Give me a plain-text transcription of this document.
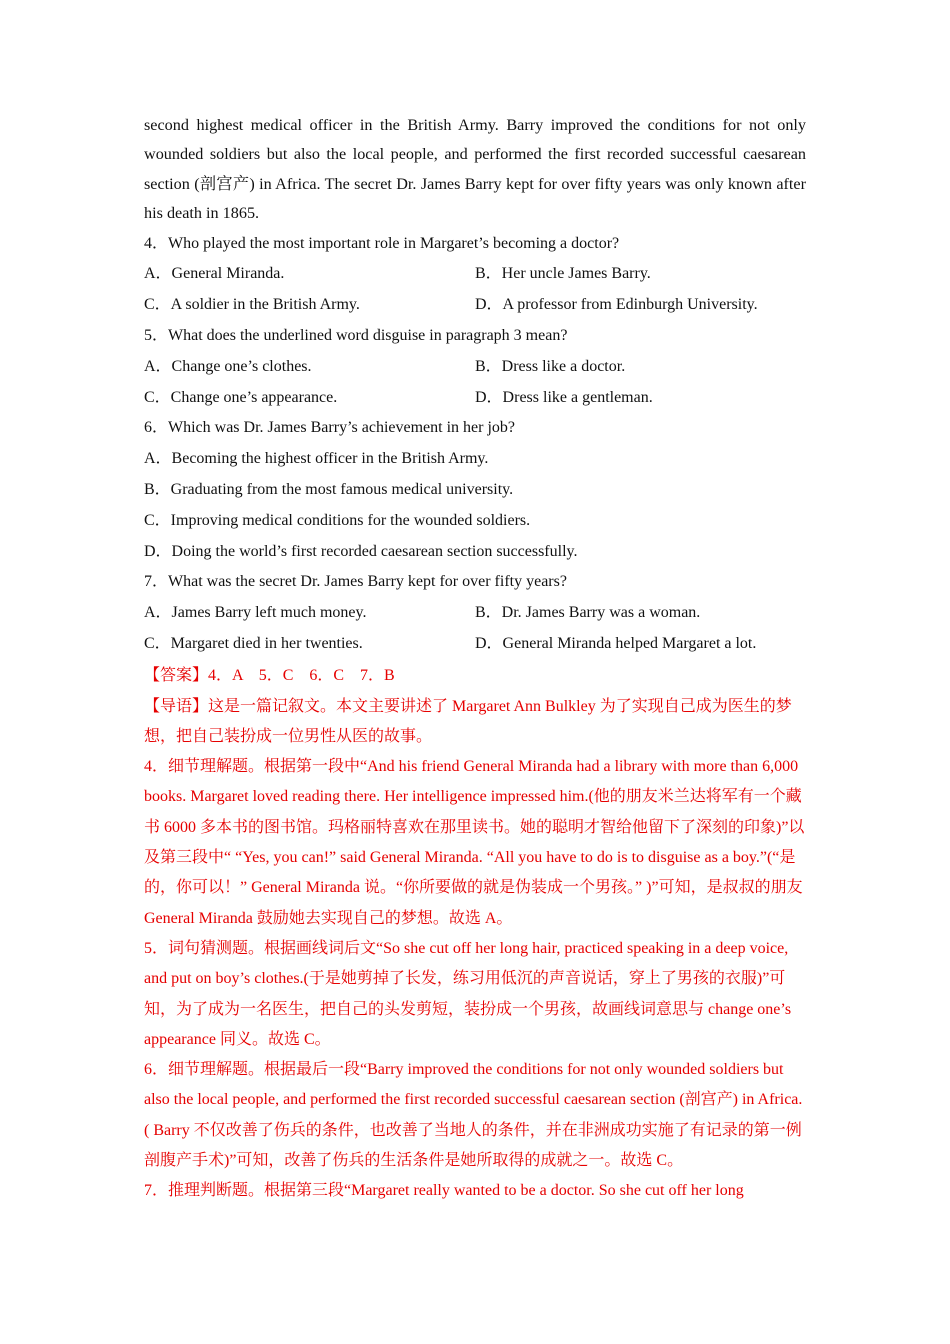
second highest medical officer in the British Army. Barry improved the conditions for not only wounded soldiers but also the local people, and performed the first recorded successful caesarean section (剖宫产) in Africa. The secret Dr. James Barry kept for over fifty years was only known after his death in 1865.

4．Who played the most important role in Margaret’s becoming a doctor?
A．General Miranda.	B．Her uncle James Barry.
C．A soldier in the British Army.	D．A professor from Edinburgh University.
5．What does the underlined word disguise in paragraph 3 mean?
A．Change one’s clothes.	B．Dress like a doctor.
C．Change one’s appearance.	D．Dress like a gentleman.
6．Which was Dr. James Barry’s achievement in her job?
A．Becoming the highest officer in the British Army.
B．Graduating from the most famous medical university.
C．Improving medical conditions for the wounded soldiers.
D．Doing the world’s first recorded caesarean section successfully.
7．What was the secret Dr. James Barry kept for over fifty years?
A．James Barry left much money.	B．Dr. James Barry was a woman.
C．Margaret died in her twenties.	D．General Miranda helped Margaret a lot.
【答案】4．A　5．C　6．C　7．B

【导语】这是一篇记叙文。本文主要讲述了 Margaret Ann Bulkley 为了实现自己成为医生的梦想，把自己装扮成一位男性从医的故事。

4．细节理解题。根据第一段中“And his friend General Miranda had a library with more than 6,000 books. Margaret loved reading there. Her intelligence impressed him.(他的朋友米兰达将军有一个藏书 6000 多本书的图书馆。玛格丽特喜欢在那里读书。她的聪明才智给他留下了深刻的印象)”以及第三段中“ “Yes, you can!” said General Miranda. “All you have to do is to disguise as a boy.”(“是的，你可以！” General Miranda 说。“你所要做的就是伪装成一个男孩。” )”可知，是叔叔的朋友 General Miranda 鼓励她去实现自己的梦想。故选 A。

5．词句猜测题。根据画线词后文“So she cut off her long hair, practiced speaking in a deep voice, and put on boy’s clothes.(于是她剪掉了长发，练习用低沉的声音说话，穿上了男孩的衣服)”可知，为了成为一名医生，把自己的头发剪短，装扮成一个男孩，故画线词意思与 change one’s appearance 同义。故选 C。

6．细节理解题。根据最后一段“Barry improved the conditions for not only wounded soldiers but also the local people, and performed the first recorded successful caesarean section (剖宫产) in Africa.( Barry 不仅改善了伤兵的条件，也改善了当地人的条件，并在非洲成功实施了有记录的第一例剖腹产手术)”可知，改善了伤兵的生活条件是她所取得的成就之一。故选 C。

7．推理判断题。根据第三段“Margaret really wanted to be a doctor. So she cut off her long
